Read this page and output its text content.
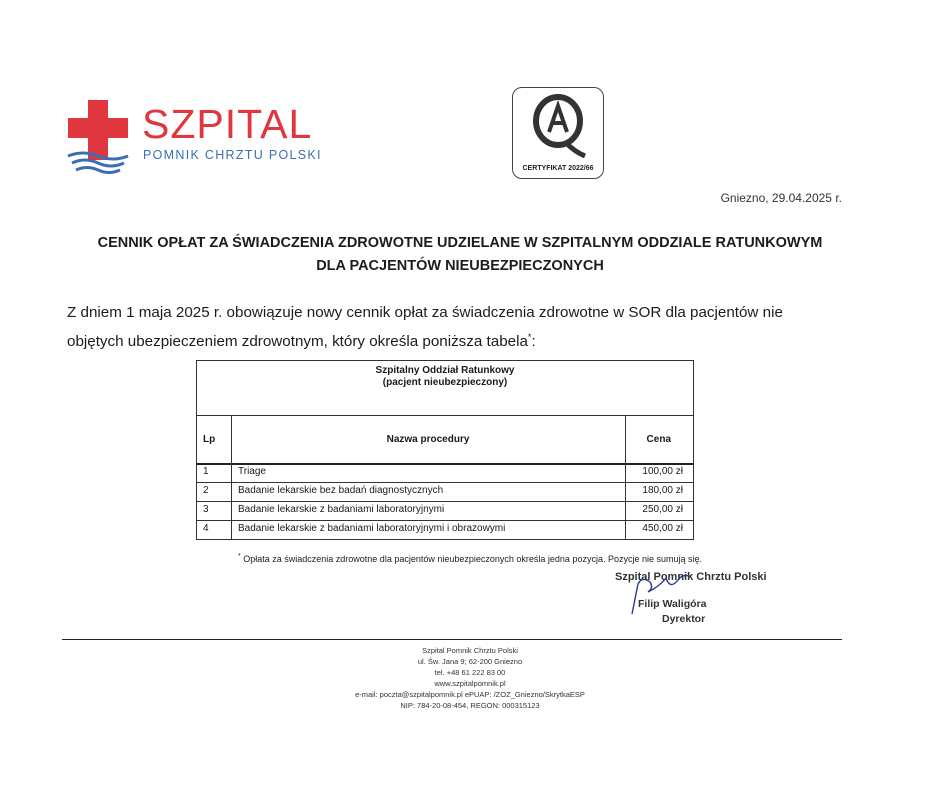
SZPITAL
POMNIK CHRZTU POLSKI
CERTYFIKAT 2022/66
Gniezno, 29.04.2025 r.
CENNIK OPŁAT ZA ŚWIADCZENIA ZDROWOTNE UDZIELANE W SZPITALNYM ODDZIALE RATUNKOWYM
DLA PACJENTÓW NIEUBEZPIECZONYCH
Z dniem 1 maja 2025 r. obowiązuje nowy cennik opłat za świadczenia zdrowotne w SOR dla pacjentów nie
objętych ubezpieczeniem zdrowotnym, który określa poniższa tabela*:
Szpitalny Oddział Ratunkowy
(pacjent nieubezpieczony)
Lp	Nazwa procedury	Cena
1	Triage	100,00 zł
2	Badanie lekarskie bez badań diagnostycznych	180,00 zł
3	Badanie lekarskie z badaniami laboratoryjnymi	250,00 zł
4	Badanie lekarskie z badaniami laboratoryjnymi i obrazowymi	450,00 zł
* Opłata za świadczenia zdrowotne dla pacjentów nieubezpieczonych określa jedna pozycja. Pozycje nie sumują się.
Szpital Pomnik Chrztu Polski
Filip Waligóra
Dyrektor
Szpital Pomnik Chrztu Polski
ul. Św. Jana 9; 62-200 Gniezno
tel. +48 61 222 83 00
www.szpitalpomnik.pl
e-mail: poczta@szpitalpomnik.pl ePUAP: /ZOZ_Gniezno/SkrytkaESP
NIP: 784-20-08-454, REGON: 000315123
